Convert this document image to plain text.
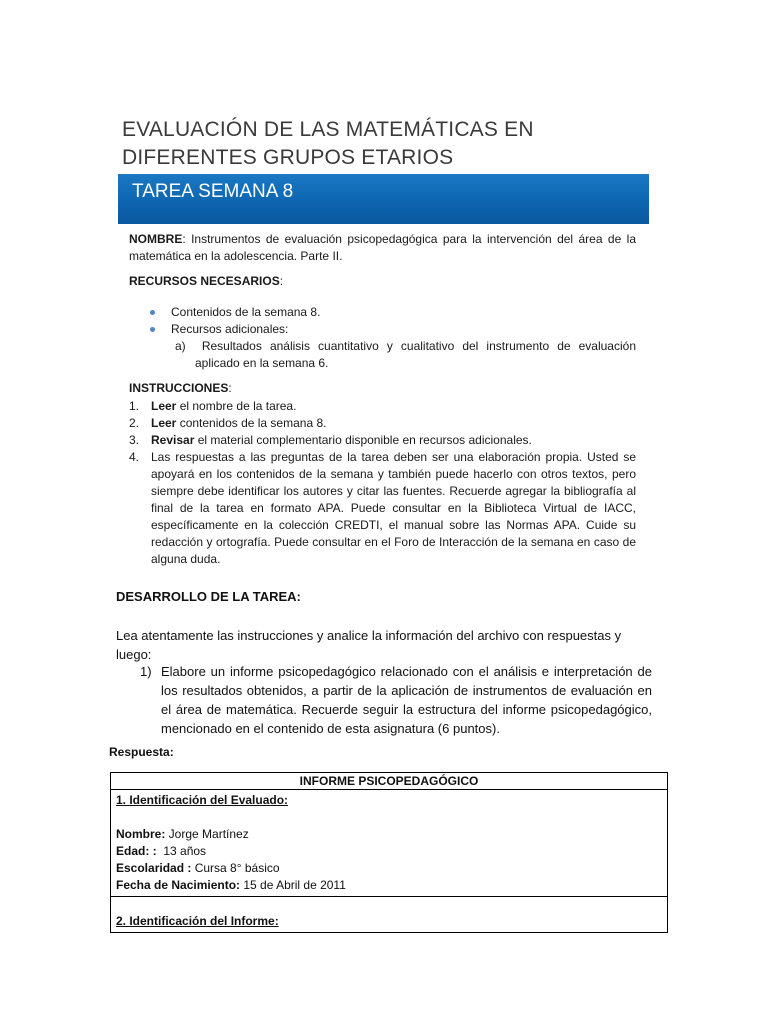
EVALUACIÓN DE LAS MATEMÁTICAS EN DIFERENTES GRUPOS ETARIOS
TAREA SEMANA 8
NOMBRE: Instrumentos de evaluación psicopedagógica para la intervención del área de la matemática en la adolescencia. Parte II.
RECURSOS NECESARIOS:
Contenidos de la semana 8.
Recursos adicionales:
a)  Resultados análisis cuantitativo y cualitativo del instrumento de evaluación aplicado en la semana 6.
INSTRUCCIONES:
1. Leer el nombre de la tarea.
2. Leer contenidos de la semana 8.
3. Revisar el material complementario disponible en recursos adicionales.
4. Las respuestas a las preguntas de la tarea deben ser una elaboración propia. Usted se apoyará en los contenidos de la semana y también puede hacerlo con otros textos, pero siempre debe identificar los autores y citar las fuentes. Recuerde agregar la bibliografía al final de la tarea en formato APA. Puede consultar en la Biblioteca Virtual de IACC, específicamente en la colección CREDTI, el manual sobre las Normas APA. Cuide su redacción y ortografía. Puede consultar en el Foro de Interacción de la semana en caso de alguna duda.
DESARROLLO DE LA TAREA:
Lea atentamente las instrucciones y analice la información del archivo con respuestas y luego:
1) Elabore un informe psicopedagógico relacionado con el análisis e interpretación de los resultados obtenidos, a partir de la aplicación de instrumentos de evaluación en el área de matemática. Recuerde seguir la estructura del informe psicopedagógico, mencionado en el contenido de esta asignatura (6 puntos).
Respuesta:
INFORME PSICOPEDAGÓGICO

1. Identificación del Evaluado:
Nombre: Jorge Martínez
Edad: :  13 años
Escolaridad : Cursa 8° básico
Fecha de Nacimiento: 15 de Abril de 2011

2. Identificación del Informe:
